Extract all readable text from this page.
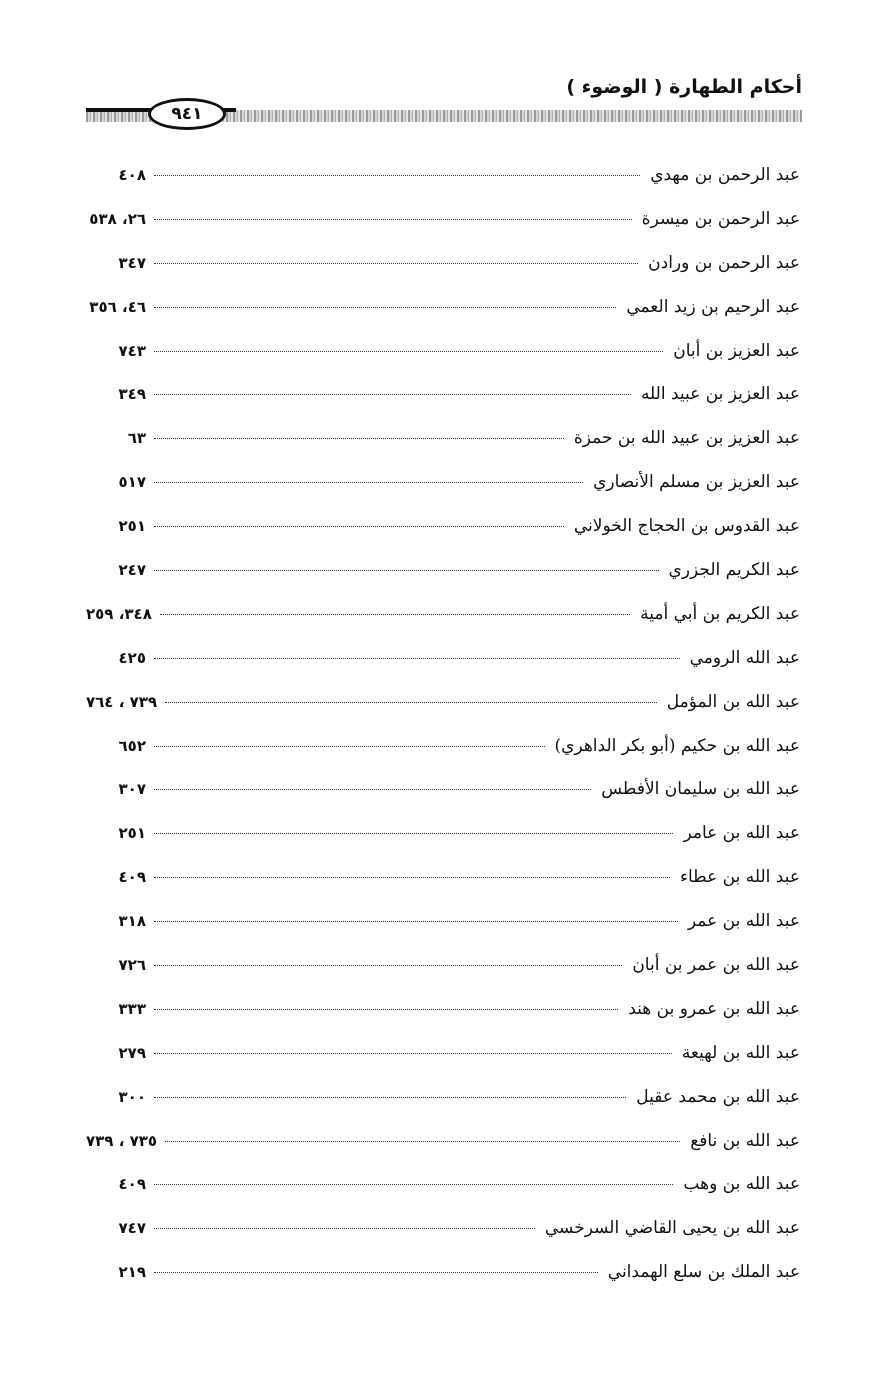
أحكام الطهارة ( الوضوء )
٩٤١
عبد الرحمن بن مهدي
٤٠٨
عبد الرحمن بن ميسرة
٢٦، ٥٣٨
عبد الرحمن بن ورادن
٣٤٧
عبد الرحيم بن زيد العمي
٤٦، ٣٥٦
عبد العزيز بن أبان
٧٤٣
عبد العزيز بن عبيد الله
٣٤٩
عبد العزيز بن عبيد الله بن حمزة
٦٣
عبد العزيز بن مسلم الأنصاري
٥١٧
عبد القدوس بن الحجاج الخولاني
٢٥١
عبد الكريم الجزري
٢٤٧
عبد الكريم بن أبي أمية
٣٤٨، ٢٥٩
عبد الله الرومي
٤٢٥
عبد الله بن المؤمل
٧٣٩ ، ٧٦٤
عبد الله بن حكيم (أبو بكر الداهري)
٦٥٢
عبد الله بن سليمان الأفطس
٣٠٧
عبد الله بن عامر
٢٥١
عبد الله بن عطاء
٤٠٩
عبد الله بن عمر
٣١٨
عبد الله بن عمر بن أبان
٧٢٦
عبد الله بن عمرو بن هند
٣٣٣
عبد الله بن لهيعة
٢٧٩
عبد الله بن محمد عقيل
٣٠٠
عبد الله بن نافع
٧٣٥ ، ٧٣٩
عبد الله بن وهب
٤٠٩
عبد الله بن يحيى القاضي السرخسي
٧٤٧
عبد الملك بن سلع الهمداني
٢١٩
